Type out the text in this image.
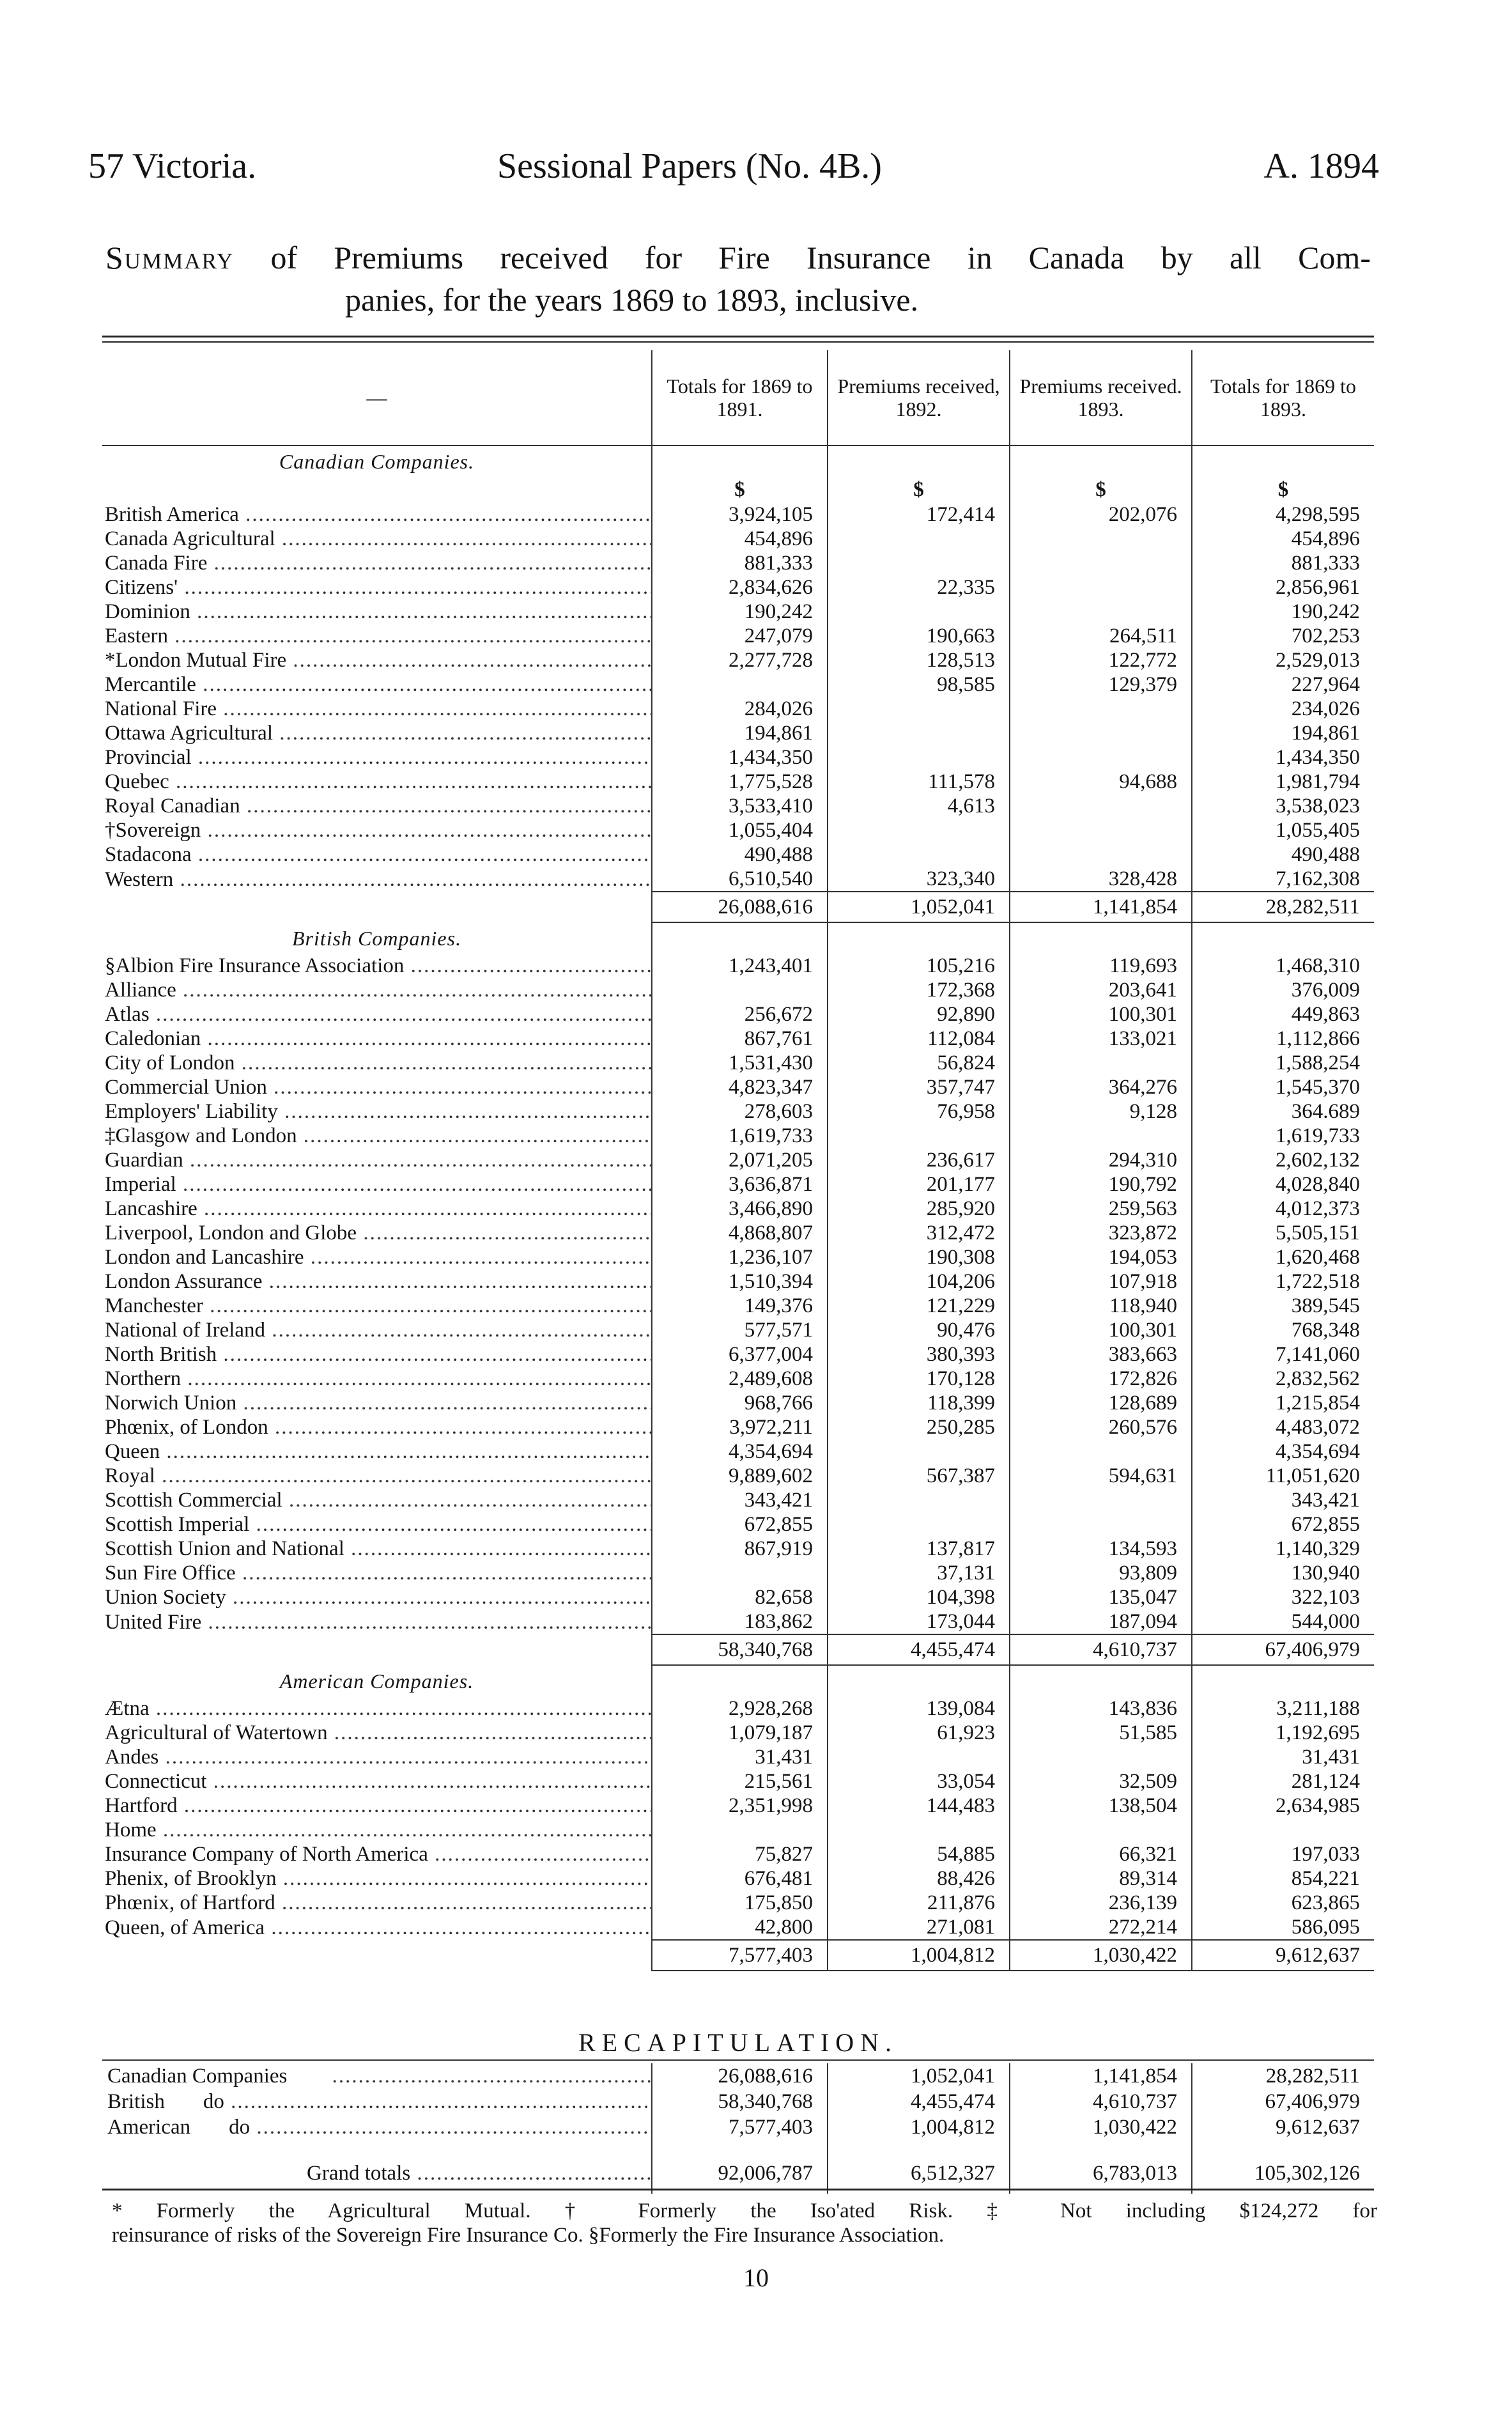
57 Victoria.	Sessional Papers (No. 4B.)	A. 1894
Summary of Premiums received for Fire Insurance in Canada by all Com-
panies, for the years 1869 to 1893, inclusive.
—	Totals for 1869 to 1891.	Premiums received, 1892.	Premiums received. 1893.	Totals for 1869 to 1893.
Canadian Companies.				
	$	$	$	$
British America .....	3,924,105	172,414	202,076	4,298,595
Canada Agricultural .....	454,896			454,896
Canada Fire .....	881,333			881,333
Citizens' .....	2,834,626	22,335		2,856,961
Dominion .....	190,242			190,242
Eastern .....	247,079	190,663	264,511	702,253
*London Mutual Fire .....	2,277,728	128,513	122,772	2,529,013
Mercantile .....		98,585	129,379	227,964
National Fire .....	284,026			234,026
Ottawa Agricultural .....	194,861			194,861
Provincial .....	1,434,350			1,434,350
Quebec .....	1,775,528	111,578	94,688	1,981,794
Royal Canadian .....	3,533,410	4,613		3,538,023
†Sovereign .....	1,055,404			1,055,405
Stadacona .....	490,488			490,488
Western .....	6,510,540	323,340	328,428	7,162,308
	26,088,616	1,052,041	1,141,854	28,282,511
British Companies.				
§Albion Fire Insurance Association .....	1,243,401	105,216	119,693	1,468,310
Alliance .....		172,368	203,641	376,009
Atlas .....	256,672	92,890	100,301	449,863
Caledonian .....	867,761	112,084	133,021	1,112,866
City of London .....	1,531,430	56,824		1,588,254
Commercial Union .....	4,823,347	357,747	364,276	1,545,370
Employers' Liability .....	278,603	76,958	9,128	364.689
‡Glasgow and London .....	1,619,733			1,619,733
Guardian .....	2,071,205	236,617	294,310	2,602,132
Imperial .....	3,636,871	201,177	190,792	4,028,840
Lancashire .....	3,466,890	285,920	259,563	4,012,373
Liverpool, London and Globe .....	4,868,807	312,472	323,872	5,505,151
London and Lancashire .....	1,236,107	190,308	194,053	1,620,468
London Assurance .....	1,510,394	104,206	107,918	1,722,518
Manchester .....	149,376	121,229	118,940	389,545
National of Ireland .....	577,571	90,476	100,301	768,348
North British .....	6,377,004	380,393	383,663	7,141,060
Northern .....	2,489,608	170,128	172,826	2,832,562
Norwich Union .....	968,766	118,399	128,689	1,215,854
Phœnix, of London .....	3,972,211	250,285	260,576	4,483,072
Queen .....	4,354,694			4,354,694
Royal .....	9,889,602	567,387	594,631	11,051,620
Scottish Commercial .....	343,421			343,421
Scottish Imperial .....	672,855			672,855
Scottish Union and National .....	867,919	137,817	134,593	1,140,329
Sun Fire Office .....		37,131	93,809	130,940
Union Society .....	82,658	104,398	135,047	322,103
United Fire .....	183,862	173,044	187,094	544,000
	58,340,768	4,455,474	4,610,737	67,406,979
American Companies.				
Ætna .....	2,928,268	139,084	143,836	3,211,188
Agricultural of Watertown .....	1,079,187	61,923	51,585	1,192,695
Andes .....	31,431			31,431
Connecticut .....	215,561	33,054	32,509	281,124
Hartford .....	2,351,998	144,483	138,504	2,634,985
Home .....				
Insurance Company of North America .....	75,827	54,885	66,321	197,033
Phenix, of Brooklyn .....	676,481	88,426	89,314	854,221
Phœnix, of Hartford .....	175,850	211,876	236,139	623,865
Queen, of America .....	42,800	271,081	272,214	586,095
	7,577,403	1,004,812	1,030,422	9,612,637
RECAPITULATION.
Canadian Companies .....	26,088,616	1,052,041	1,141,854	28,282,511
British do .....	58,340,768	4,455,474	4,610,737	67,406,979
American do .....	7,577,403	1,004,812	1,030,422	9,612,637
Grand totals .....	92,006,787	6,512,327	6,783,013	105,302,126
* Formerly the Agricultural Mutual. † Formerly the Iso'ated Risk. ‡ Not including $124,272 for
reinsurance of risks of the Sovereign Fire Insurance Co. §Formerly the Fire Insurance Association.
10
